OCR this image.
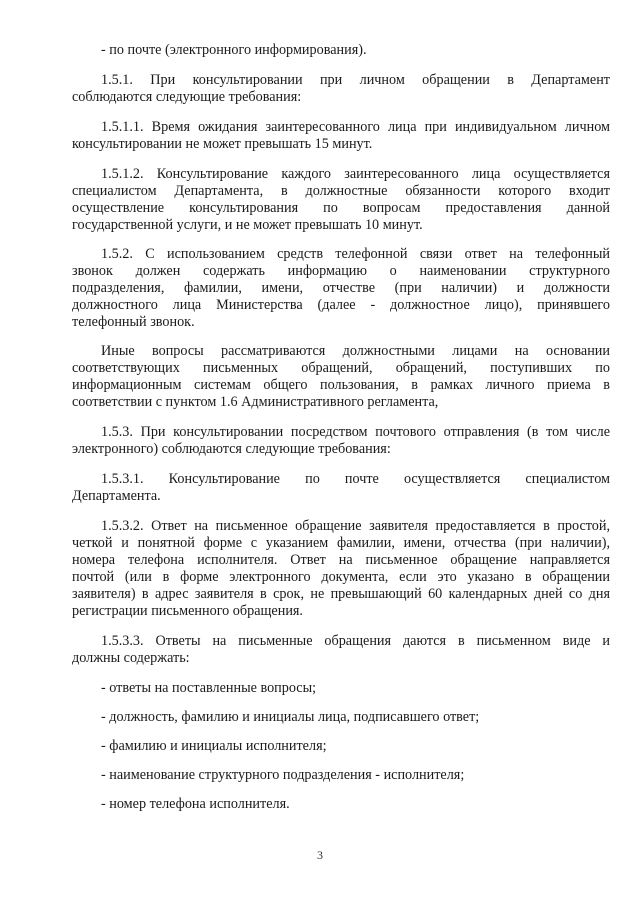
- по почте (электронного информирования).
1.5.1. При консультировании при личном обращении в Департамент
соблюдаются следующие требования:
1.5.1.1. Время ожидания заинтересованного лица при индивидуальном личном
консультировании не может превышать 15 минут.
1.5.1.2. Консультирование каждого заинтересованного лица осуществляется
специалистом Департамента, в должностные обязанности которого входит
осуществление консультирования по вопросам предоставления данной
государственной услуги, и не может превышать 10 минут.
1.5.2. С использованием средств телефонной связи ответ на телефонный
звонок должен содержать информацию о наименовании структурного
подразделения, фамилии, имени, отчестве (при наличии) и должности
должностного лица Министерства (далее - должностное лицо), принявшего
телефонный звонок.
Иные вопросы рассматриваются должностными лицами на основании
соответствующих письменных обращений, обращений, поступивших по
информационным системам общего пользования, в рамках личного приема в
соответствии с пунктом 1.6 Административного регламента,
1.5.3. При консультировании посредством почтового отправления (в том числе
электронного) соблюдаются следующие требования:
1.5.3.1. Консультирование по почте осуществляется специалистом
Департамента.
1.5.3.2. Ответ на письменное обращение заявителя предоставляется в простой,
четкой и понятной форме с указанием фамилии, имени, отчества (при наличии),
номера телефона исполнителя. Ответ на письменное обращение направляется
почтой (или в форме электронного документа, если это указано в обращении
заявителя) в адрес заявителя в срок, не превышающий 60 календарных дней со дня
регистрации письменного обращения.
1.5.3.3. Ответы на письменные обращения даются в письменном виде и
должны содержать:
- ответы на поставленные вопросы;
- должность, фамилию и инициалы лица, подписавшего ответ;
- фамилию и инициалы исполнителя;
- наименование структурного подразделения - исполнителя;
- номер телефона исполнителя.
3
